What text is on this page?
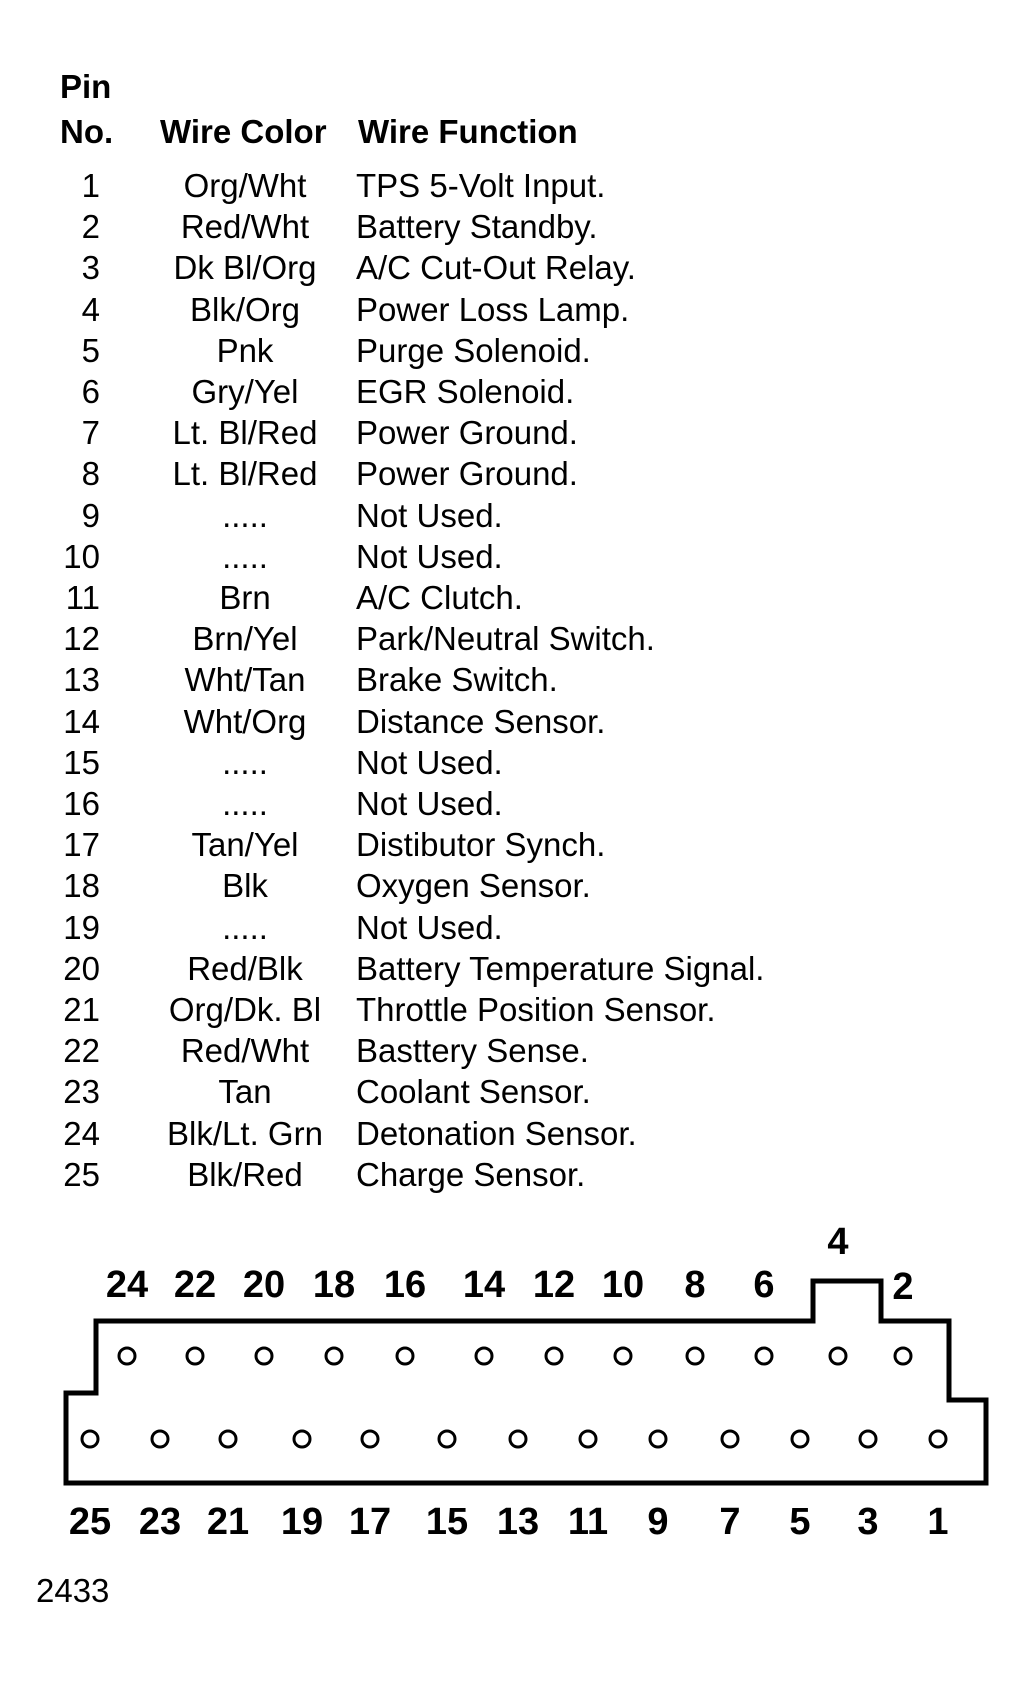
Pin
No. Wire Color Wire Function
1	Org/Wht	TPS 5-Volt Input.
2	Red/Wht	Battery Standby.
3	Dk Bl/Org	A/C Cut-Out Relay.
4	Blk/Org	Power Loss Lamp.
5	Pnk	Purge Solenoid.
6	Gry/Yel	EGR Solenoid.
7	Lt. Bl/Red	Power Ground.
8	Lt. Bl/Red	Power Ground.
9	.....	Not Used.
10	.....	Not Used.
11	Brn	A/C Clutch.
12	Brn/Yel	Park/Neutral Switch.
13	Wht/Tan	Brake Switch.
14	Wht/Org	Distance Sensor.
15	.....	Not Used.
16	.....	Not Used.
17	Tan/Yel	Distibutor Synch.
18	Blk	Oxygen Sensor.
19	.....	Not Used.
20	Red/Blk	Battery Temperature Signal.
21	Org/Dk. Bl	Throttle Position Sensor.
22	Red/Wht	Basttery Sense.
23	Tan	Coolant Sensor.
24	Blk/Lt. Grn	Detonation Sensor.
25	Blk/Red	Charge Sensor.
24 22 20 18 16 14 12 10 8 6
4
2
25 23 21 19 17 15 13 11 9 7 5 3 1
2433
